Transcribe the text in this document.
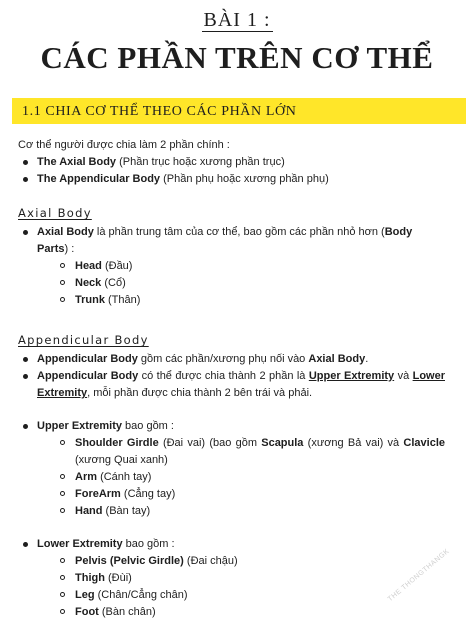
BÀI 1 :
CÁC PHẦN TRÊN CƠ THỂ
1.1 CHIA CƠ THỂ THEO CÁC PHẦN LỚN

Cơ thể người được chia làm 2 phần chính :

The Axial Body (Phần trục hoặc xương phần trục)
The Appendicular Body (Phần phụ hoặc xương phần phụ)

Axial Body

Axial Body là phần trung tâm của cơ thể, bao gồm các phần nhỏ hơn (Body Parts) :
Head (Đầu)
Neck (Cổ)
Trunk (Thân)

Appendicular Body

Appendicular Body gồm các phần/xương phụ nối vào Axial Body.
Appendicular Body có thể được chia thành 2 phần là Upper Extremity và Lower Extremity, mỗi phần được chia thành 2 bên trái và phải.
Upper Extremity bao gồm :
Shoulder Girdle (Đai vai) (bao gồm Scapula (xương Bả vai) và Clavicle (xương Quai xanh)
Arm (Cánh tay)
ForeArm (Cẳng tay)
Hand (Bàn tay)
Lower Extremity bao gồm :
Pelvis (Pelvic Girdle) (Đai chậu)
Thigh (Đùi)
Leg (Chân/Cẳng chân)
Foot (Bàn chân)
THE THONGTHANGK
